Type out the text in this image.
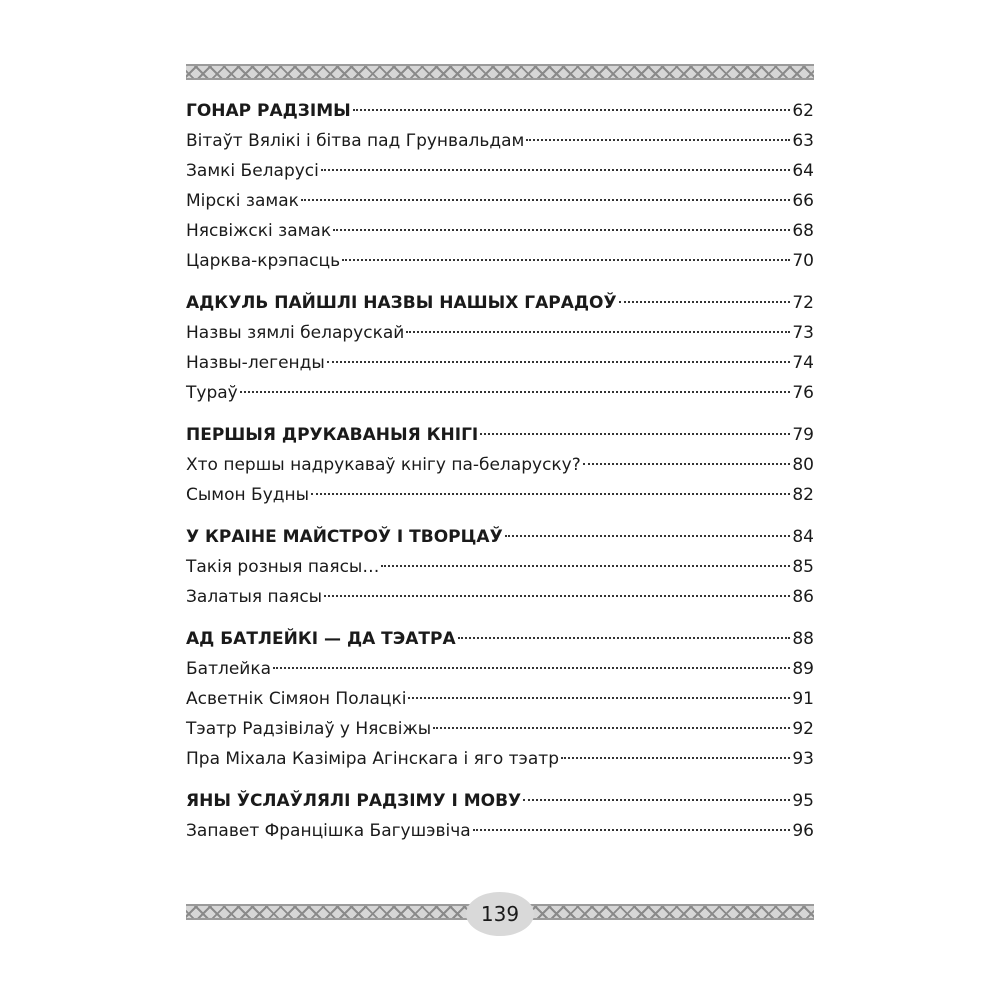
ГОНАР РАДЗІМЫ	62
Вітаўт Вялікі і бітва пад Грунвальдам	63
Замкі Беларусі	64
Мірскі замак	66
Нясвіжскі замак	68
Царква-крэпасць	70
АДКУЛЬ ПАЙШЛІ НАЗВЫ НАШЫХ ГАРАДОЎ	72
Назвы зямлі беларускай	73
Назвы-легенды	74
Тураў	76
ПЕРШЫЯ ДРУКАВАНЫЯ КНІГІ	79
Хто першы надрукаваў кнігу па-беларуску?	80
Сымон Будны	82
У КРАІНЕ МАЙСТРОЎ І ТВОРЦАЎ	84
Такія розныя паясы…	85
Залатыя паясы	86
АД БАТЛЕЙКІ — ДА ТЭАТРА	88
Батлейка	89
Асветнік Сімяон Полацкі	91
Тэатр Радзівілаў у Нясвіжы	92
Пра Міхала Казіміра Агінскага і яго тэатр	93
ЯНЫ ЎСЛАЎЛЯЛІ РАДЗІМУ І МОВУ	95
Запавет Францішка Багушэвіча	96
139
